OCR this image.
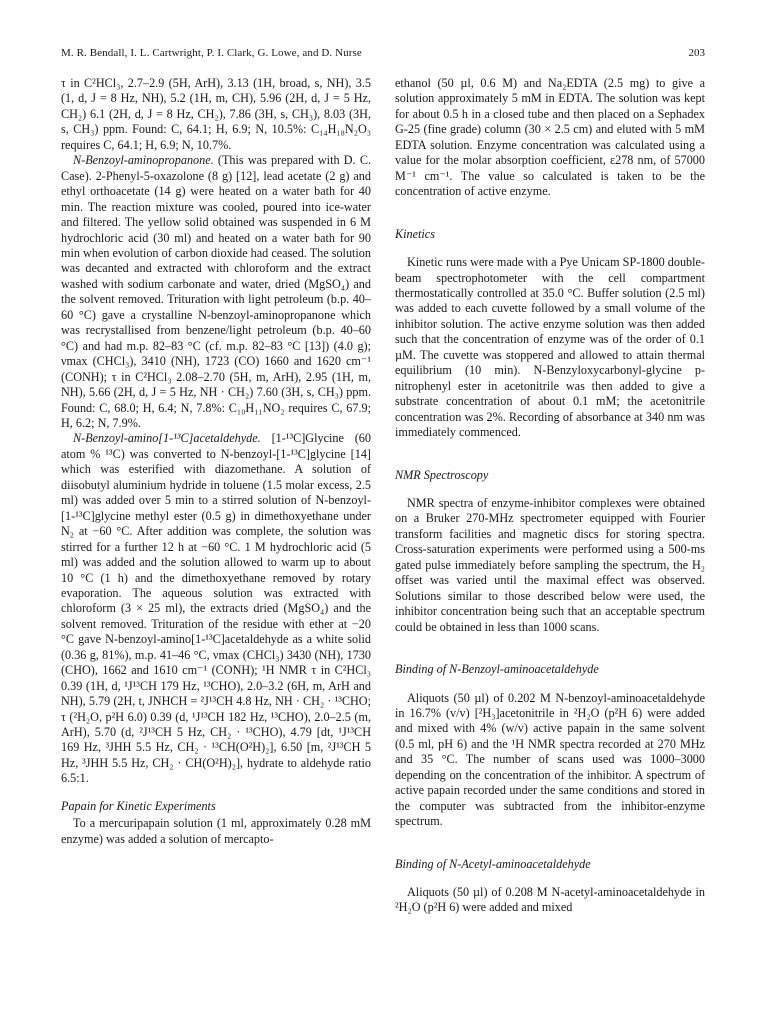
M. R. Bendall, I. L. Cartwright, P. I. Clark, G. Lowe, and D. Nurse	203

τ in C²HCl₃, 2.7–2.9 (5H, ArH), 3.13 (1H, broad, s, NH), 3.5 (1, d, J = 8 Hz, NH), 5.2 (1H, m, CH), 5.96 (2H, d, J = 5 Hz, CH₂) 6.1 (2H, d, J = 8 Hz, CH₂), 7.86 (3H, s, CH₃), 8.03 (3H, s, CH₃) ppm. Found: C, 64.1; H, 6.9; N, 10.5%: C₁₄H₁₈N₂O₃ requires C, 64.1; H, 6.9; N, 10.7%.

N-Benzoyl-aminopropanone. (This was prepared with D. C. Case). 2-Phenyl-5-oxazolone (8 g) [12], lead acetate (2 g) and ethyl orthoacetate (14 g) were heated on a water bath for 40 min. The reaction mixture was cooled, poured into ice-water and filtered. The yellow solid obtained was suspended in 6 M hydrochloric acid (30 ml) and heated on a water bath for 90 min when evolution of carbon dioxide had ceased. The solution was decanted and extracted with chloroform and the extract washed with sodium carbonate and water, dried (MgSO₄) and the solvent removed. Trituration with light petroleum (b.p. 40–60 °C) gave a crystalline N-benzoyl-aminopropanone which was recrystallised from benzene/light petroleum (b.p. 40–60 °C) and had m.p. 82–83 °C (cf. m.p. 82–83 °C [13]) (4.0 g); νmax (CHCl₃), 3410 (NH), 1723 (CO) 1660 and 1620 cm⁻¹ (CONH); τ in C²HCl₃ 2.08–2.70 (5H, m, ArH), 2.95 (1H, m, NH), 5.66 (2H, d, J = 5 Hz, NH · CH₂) 7.60 (3H, s, CH₃) ppm. Found: C, 68.0; H, 6.4; N, 7.8%: C₁₀H₁₁NO₂ requires C, 67.9; H, 6.2; N, 7.9%.

N-Benzoyl-amino[1-¹³C]acetaldehyde. [1-¹³C]Glycine (60 atom % ¹³C) was converted to N-benzoyl-[1-¹³C]glycine [14] which was esterified with diazomethane. A solution of diisobutyl aluminium hydride in toluene (1.5 molar excess, 2.5 ml) was added over 5 min to a stirred solution of N-benzoyl-[1-¹³C]glycine methyl ester (0.5 g) in dimethoxyethane under N₂ at −60 °C. After addition was complete, the solution was stirred for a further 12 h at −60 °C. 1 M hydrochloric acid (5 ml) was added and the solution allowed to warm up to about 10 °C (1 h) and the dimethoxyethane removed by rotary evaporation. The aqueous solution was extracted with chloroform (3 × 25 ml), the extracts dried (MgSO₄) and the solvent removed. Trituration of the residue with ether at −20 °C gave N-benzoyl-amino[1-¹³C]acetaldehyde as a white solid (0.36 g, 81%), m.p. 41–46 °C, νmax (CHCl₃) 3430 (NH), 1730 (CHO), 1662 and 1610 cm⁻¹ (CONH); ¹H NMR τ in C²HCl₃ 0.39 (1H, d, ¹J¹³CH 179 Hz, ¹³CHO), 2.0–3.2 (6H, m, ArH and NH), 5.79 (2H, t, JNHCH = ²J¹³CH 4.8 Hz, NH · CH₂ · ¹³CHO; τ (²H₂O, p²H 6.0) 0.39 (d, ¹J¹³CH 182 Hz, ¹³CHO), 2.0–2.5 (m, ArH), 5.70 (d, ²J¹³CH 5 Hz, CH₂ · ¹³CHO), 4.79 [dt, ¹J¹³CH 169 Hz, ³JHH 5.5 Hz, CH₂ · ¹³CH(O²H)₂], 6.50 [m, ²J¹³CH 5 Hz, ³JHH 5.5 Hz, CH₂ · CH(O²H)₂], hydrate to aldehyde ratio 6.5:1.

Papain for Kinetic Experiments

To a mercuripapain solution (1 ml, approximately 0.28 mM enzyme) was added a solution of mercapto-

ethanol (50 µl, 0.6 M) and Na₂EDTA (2.5 mg) to give a solution approximately 5 mM in EDTA. The solution was kept for about 0.5 h in a closed tube and then placed on a Sephadex G-25 (fine grade) column (30 × 2.5 cm) and eluted with 5 mM EDTA solution. Enzyme concentration was calculated using a value for the molar absorption coefficient, ε278 nm, of 57000 M⁻¹ cm⁻¹. The value so calculated is taken to be the concentration of active enzyme.

Kinetics

Kinetic runs were made with a Pye Unicam SP-1800 double-beam spectrophotometer with the cell compartment thermostatically controlled at 35.0 °C. Buffer solution (2.5 ml) was added to each cuvette followed by a small volume of the inhibitor solution. The active enzyme solution was then added such that the concentration of enzyme was of the order of 0.1 µM. The cuvette was stoppered and allowed to attain thermal equilibrium (10 min). N-Benzyloxycarbonyl-glycine p-nitrophenyl ester in acetonitrile was then added to give a substrate concentration of about 0.1 mM; the acetonitrile concentration was 2%. Recording of absorbance at 340 nm was immediately commenced.

NMR Spectroscopy

NMR spectra of enzyme-inhibitor complexes were obtained on a Bruker 270-MHz spectrometer equipped with Fourier transform facilities and magnetic discs for storing spectra. Cross-saturation experiments were performed using a 500-ms gated pulse immediately before sampling the spectrum, the H₂ offset was varied until the maximal effect was observed. Solutions similar to those described below were used, the inhibitor concentration being such that an acceptable spectrum could be obtained in less than 1000 scans.

Binding of N-Benzoyl-aminoacetaldehyde

Aliquots (50 µl) of 0.202 M N-benzoyl-aminoacetaldehyde in 16.7% (v/v) [²H₃]acetonitrile in ²H₂O (p²H 6) were added and mixed with 4% (w/v) active papain in the same solvent (0.5 ml, pH 6) and the ¹H NMR spectra recorded at 270 MHz and 35 °C. The number of scans used was 1000–3000 depending on the concentration of the inhibitor. A spectrum of active papain recorded under the same conditions and stored in the computer was subtracted from the inhibitor-enzyme spectrum.

Binding of N-Acetyl-aminoacetaldehyde

Aliquots (50 µl) of 0.208 M N-acetyl-aminoacetaldehyde in ²H₂O (p²H 6) were added and mixed
